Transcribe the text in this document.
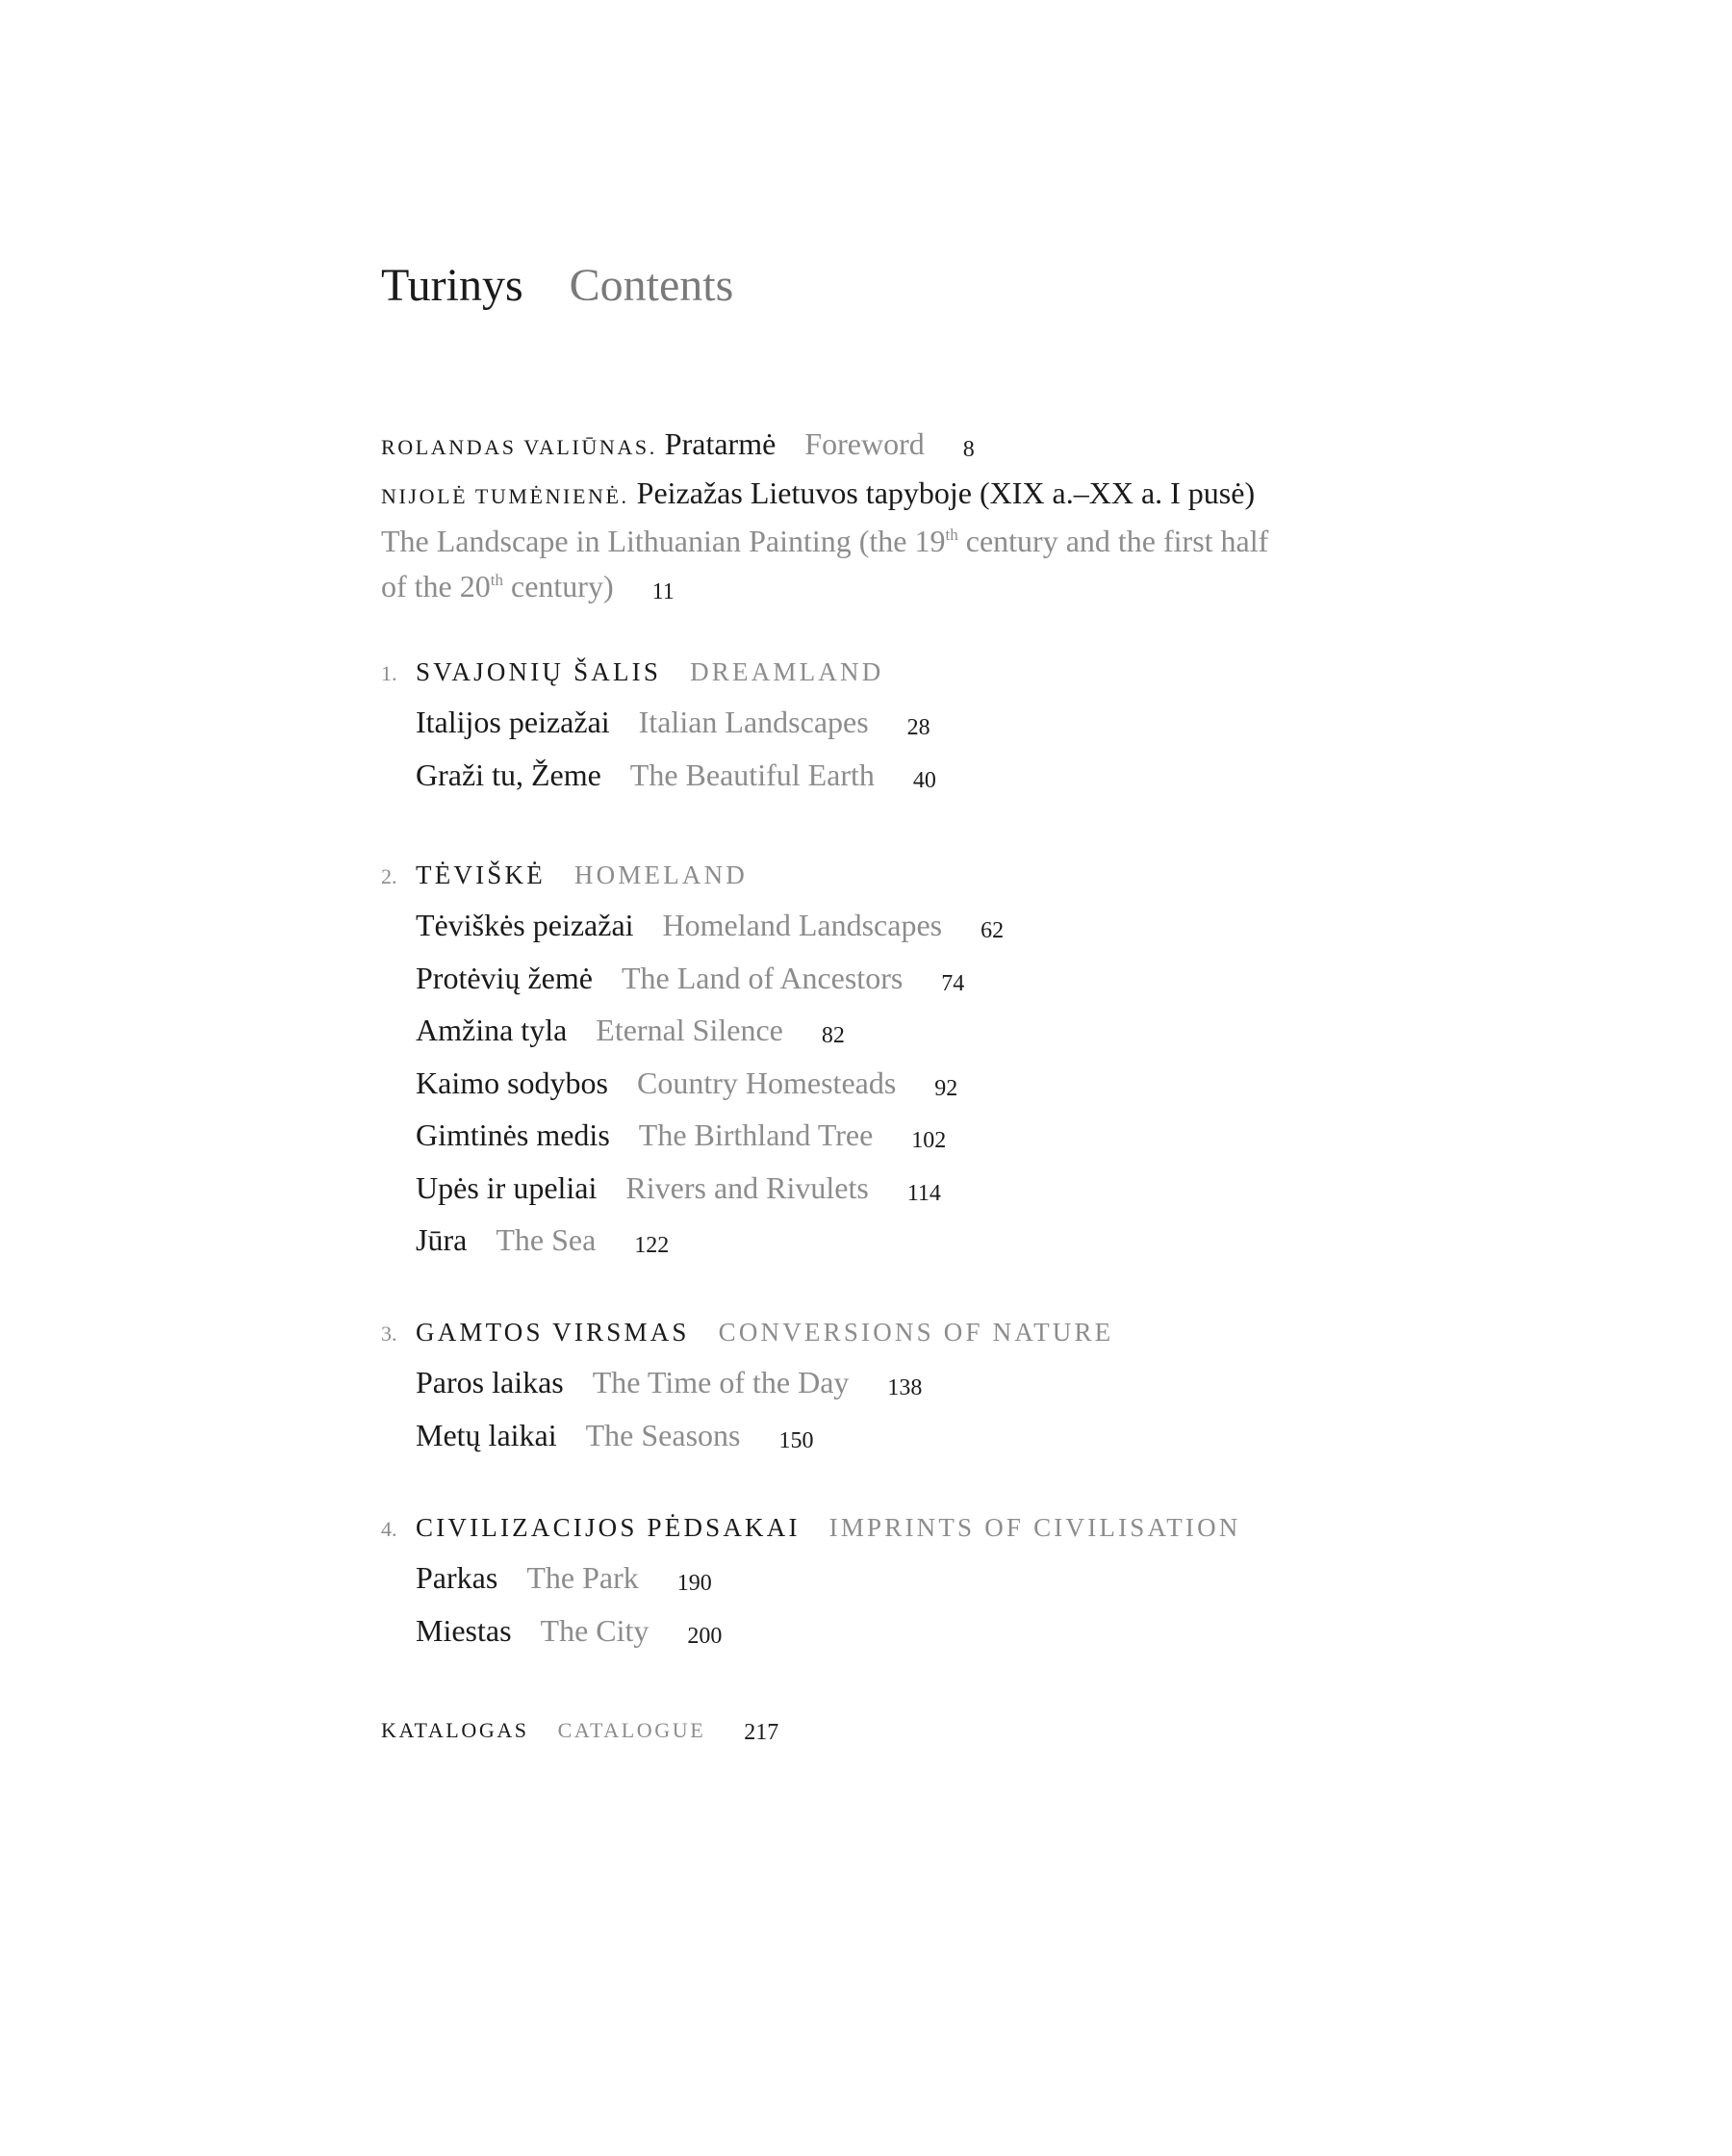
Turinys Contents
ROLANDAS VALIŪNAS. Pratarmė Foreword 8
NIJOLĖ TUMĖNIENĖ. Peizažas Lietuvos tapyboje (XIX a.–XX a. I pusė)
The Landscape in Lithuanian Painting (the 19th century and the first half
of the 20th century) 11
1. SVAJONIŲ ŠALIS DREAMLAND
Italijos peizažai Italian Landscapes 28
Graži tu, Žeme The Beautiful Earth 40
2. TĖVIŠKĖ HOMELAND
Tėviškės peizažai Homeland Landscapes 62
Protėvių žemė The Land of Ancestors 74
Amžina tyla Eternal Silence 82
Kaimo sodybos Country Homesteads 92
Gimtinės medis The Birthland Tree 102
Upės ir upeliai Rivers and Rivulets 114
Jūra The Sea 122
3. GAMTOS VIRSMAS CONVERSIONS OF NATURE
Paros laikas The Time of the Day 138
Metų laikai The Seasons 150
4. CIVILIZACIJOS PĖDSAKAI IMPRINTS OF CIVILISATION
Parkas The Park 190
Miestas The City 200
KATALOGAS CATALOGUE 217
